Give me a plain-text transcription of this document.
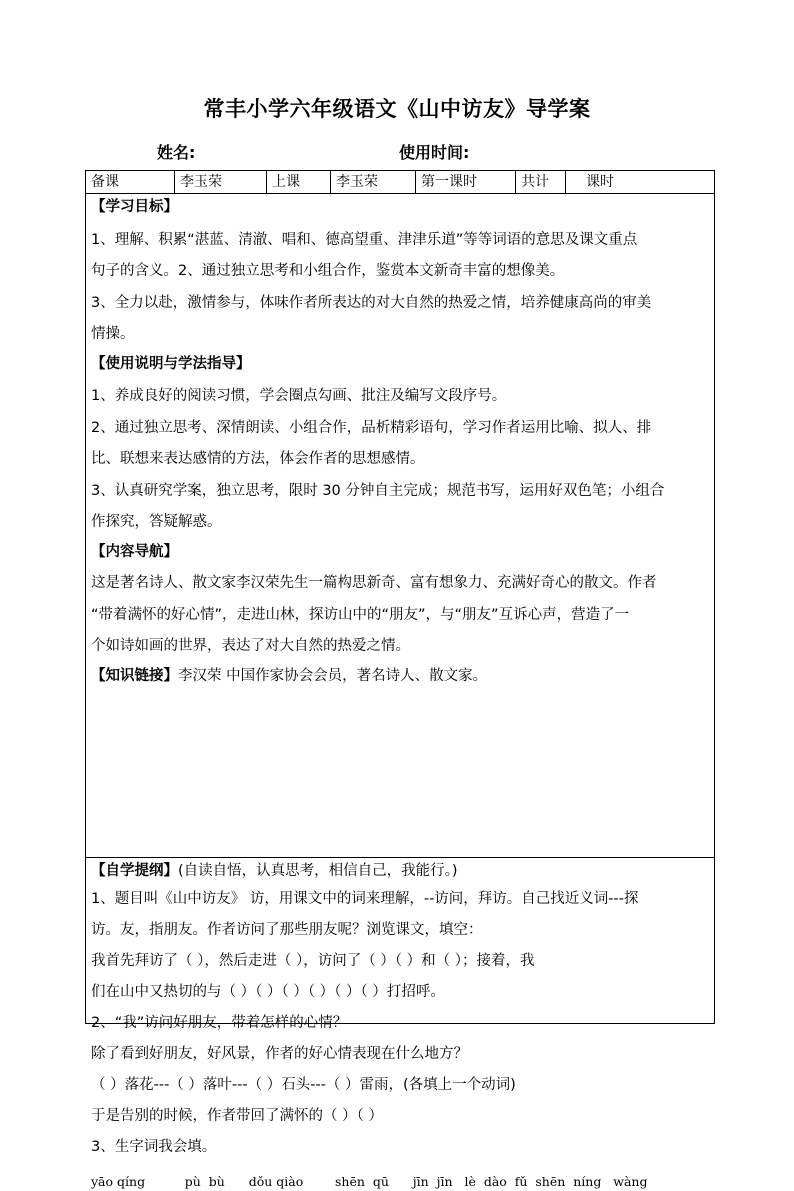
常丰小学六年级语文《山中访友》导学案
姓名:	使用时间:
备课	李玉荣	上课	李玉荣	第一课时	共计	课时
【学习目标】
1、理解、积累“湛蓝、清澈、唱和、德高望重、津津乐道”等等词语的意思及课文重点
句子的含义。2、通过独立思考和小组合作，鉴赏本文新奇丰富的想像美。
3、全力以赴，激情参与，体味作者所表达的对大自然的热爱之情，培养健康高尚的审美
情操。
【使用说明与学法指导】
1、养成良好的阅读习惯，学会圈点勾画、批注及编写文段序号。
2、通过独立思考、深情朗读、小组合作，品析精彩语句，学习作者运用比喻、拟人、排
比、联想来表达感情的方法，体会作者的思想感情。
3、认真研究学案，独立思考，限时 30 分钟自主完成；规范书写，运用好双色笔；小组合
作探究，答疑解惑。
【内容导航】
这是著名诗人、散文家李汉荣先生一篇构思新奇、富有想象力、充满好奇心的散文。作者
“带着满怀的好心情”，走进山林，探访山中的“朋友”，与“朋友”互诉心声，营造了一
个如诗如画的世界，表达了对大自然的热爱之情。
【知识链接】李汉荣 中国作家协会会员，著名诗人、散文家。
【自学提纲】(自读自悟，认真思考，相信自己，我能行。)
1、题目叫《山中访友》 访，用课文中的词来理解，--访问，拜访。自己找近义词---探
访。友，指朋友。作者访问了那些朋友呢？浏览课文，填空：
我首先拜访了（ ），然后走进（ ），访问了（ ）（ ）和（ ）；接着，我
们在山中又热切的与（ ）（ ）（ ）（ ）（ ）（ ）打招呼。
2、“我”访问好朋友，带着怎样的心情？
除了看到好朋友，好风景，作者的好心情表现在什么地方？
（ ）落花---（ ）落叶---（ ）石头---（ ）雷雨，(各填上一个动词)
于是告别的时候，作者带回了满怀的（ ）（ ）
3、生字词我会填。
yāo qíng          pù  bù      dǒu qiào        shēn  qū      jīn  jīn   lè  dào  fǔ  shēn  níng   wàng
